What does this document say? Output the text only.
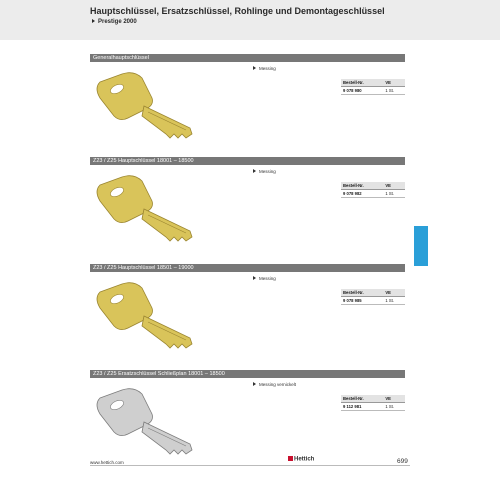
Hauptschlüssel, Ersatzschlüssel, Rohlinge und Demontageschlüssel
Prestige 2000
Generalhauptschlüssel
Messing
Bestell-Nr.	VE
9 078 980	1 St.
Z23 / Z25 Hauptschlüssel 18001 – 18500
Messing
Bestell-Nr.	VE
9 078 982	1 St.
Z23 / Z25 Hauptschlüssel 18501 – 19000
Messing
Bestell-Nr.	VE
9 078 985	1 St.
Z23 / Z25 Ersatzschlüssel Schließplan 18001 – 18500
Messing vernickelt
Bestell-Nr.	VE
9 112 981	1 St.
www.hettich.com	Hettich	699
